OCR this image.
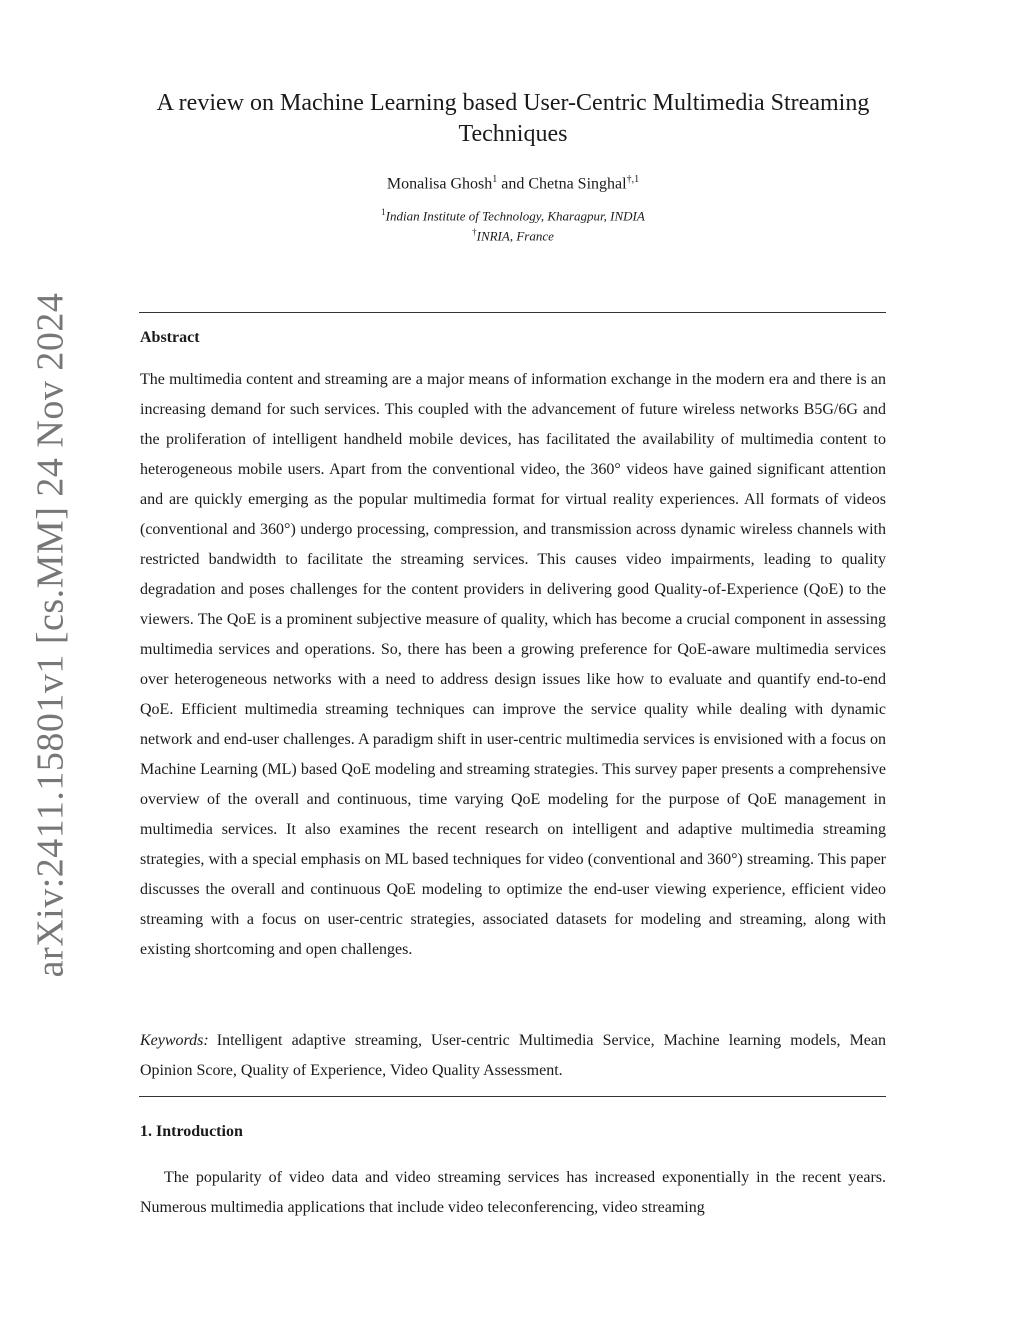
arXiv:2411.15801v1 [cs.MM] 24 Nov 2024
A review on Machine Learning based User-Centric Multimedia Streaming Techniques
Monalisa Ghosh$^1$ and Chetna Singhal$^{\dagger,1}$
$^1$Indian Institute of Technology, Kharagpur, INDIA
†INRIA, France
Abstract

The multimedia content and streaming are a major means of information exchange in the modern era and there is an increasing demand for such services. This coupled with the advancement of future wireless networks B5G/6G and the proliferation of intelligent handheld mobile devices, has facilitated the availability of multimedia content to heterogeneous mobile users. Apart from the conventional video, the 360° videos have gained significant attention and are quickly emerging as the popular multimedia format for virtual reality experiences. All formats of videos (conventional and 360°) undergo processing, compression, and transmission across dynamic wireless channels with restricted bandwidth to facilitate the streaming services. This causes video impairments, leading to quality degradation and poses challenges for the content providers in delivering good Quality-of-Experience (QoE) to the viewers. The QoE is a prominent subjective measure of quality, which has become a crucial component in assessing multimedia services and operations. So, there has been a growing preference for QoE-aware multimedia services over heterogeneous networks with a need to address design issues like how to evaluate and quantify end-to-end QoE. Efficient multimedia streaming techniques can improve the service quality while dealing with dynamic network and end-user challenges. A paradigm shift in user-centric multimedia services is envisioned with a focus on Machine Learning (ML) based QoE modeling and streaming strategies. This survey paper presents a comprehensive overview of the overall and continuous, time varying QoE modeling for the purpose of QoE management in multimedia services. It also examines the recent research on intelligent and adaptive multimedia streaming strategies, with a special emphasis on ML based techniques for video (conventional and 360°) streaming. This paper discusses the overall and continuous QoE modeling to optimize the end-user viewing experience, efficient video streaming with a focus on user-centric strategies, associated datasets for modeling and streaming, along with existing shortcoming and open challenges.

Keywords: Intelligent adaptive streaming, User-centric Multimedia Service, Machine learning models, Mean Opinion Score, Quality of Experience, Video Quality Assessment.

1. Introduction

The popularity of video data and video streaming services has increased exponentially in the recent years. Numerous multimedia applications that include video teleconferencing, video streaming
